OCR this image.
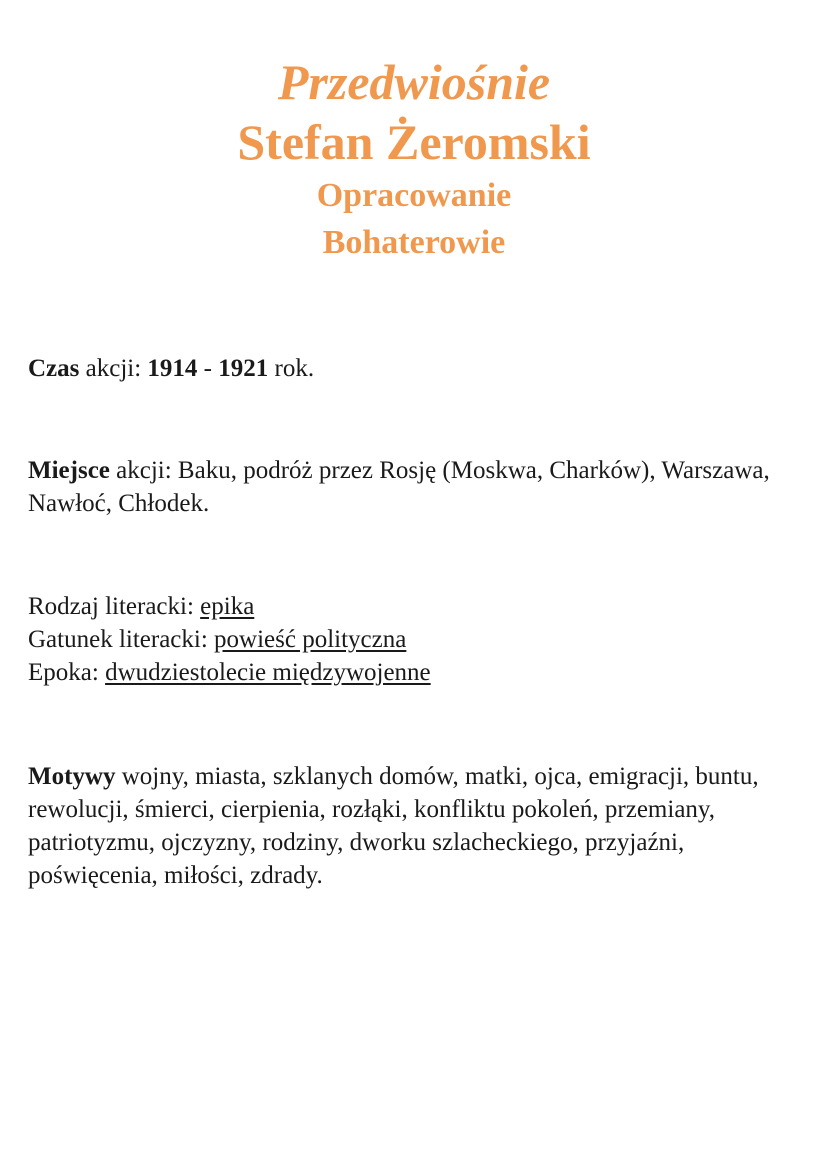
Przedwiośnie

Stefan Żeromski

Opracowanie

Bohaterowie

Czas akcji: 1914 - 1921 rok.

Miejsce akcji: Baku, podróż przez Rosję (Moskwa, Charków), Warszawa, Nawłoć, Chłodek.

Rodzaj literacki: epika

Gatunek literacki: powieść polityczna

Epoka: dwudziestolecie międzywojenne

Motywy wojny, miasta, szklanych domów, matki, ojca, emigracji, buntu, rewolucji, śmierci, cierpienia, rozłąki, konfliktu pokoleń, przemiany, patriotyzmu, ojczyzny, rodziny, dworku szlacheckiego, przyjaźni, poświęcenia, miłości, zdrady.
